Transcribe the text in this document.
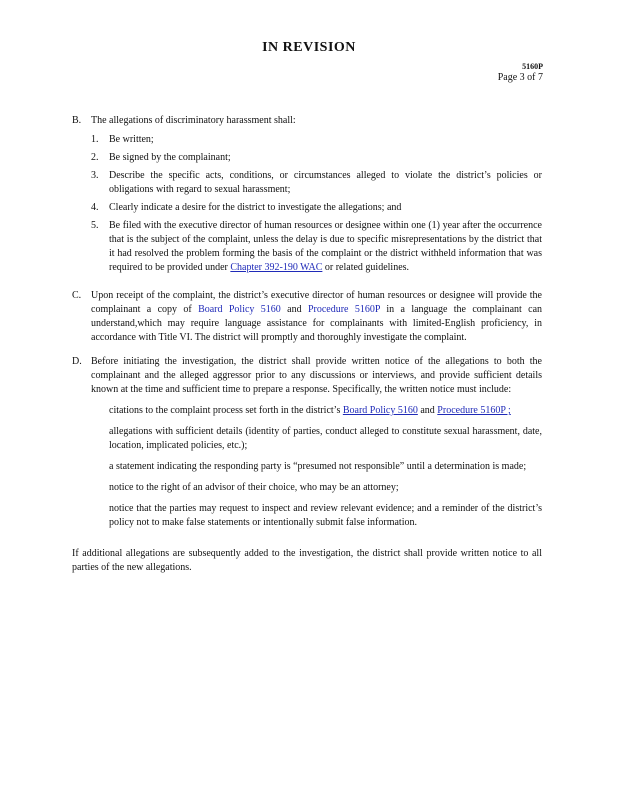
IN REVISION
5160P
Page 3 of 7
B. The allegations of discriminatory harassment shall:
1.	Be written;
2.	Be signed by the complainant;
3.	Describe the specific acts, conditions, or circumstances alleged to violate the district’s policies or obligations with regard to sexual harassment;
4.	Clearly indicate a desire for the district to investigate the allegations; and
5.	Be filed with the executive director of human resources or designee within one (1) year after the occurrence that is the subject of the complaint, unless the delay is due to specific misrepresentations by the district that it had resolved the problem forming the basis of the complaint or the district withheld information that was required to be provided under Chapter 392-190 WAC or related guidelines.
C. Upon receipt of the complaint, the district’s executive director of human resources or designee will provide the complainant a copy of Board Policy 5160 and Procedure 5160P in a language the complainant can understand,which may require language assistance for complainants with limited-English proficiency, in accordance with Title VI. The district will promptly and thoroughly investigate the complaint.
D. Before initiating the investigation, the district shall provide written notice of the allegations to both the complainant and the alleged aggressor prior to any discussions or interviews, and provide sufficient details known at the time and sufficient time to prepare a response. Specifically, the written notice must include:
citations to the complaint process set forth in the district’s Board Policy 5160 and Procedure 5160P ;
allegations with sufficient details (identity of parties, conduct alleged to constitute sexual harassment, date, location, implicated policies, etc.);
a statement indicating the responding party is “presumed not responsible” until a determination is made;
notice to the right of an advisor of their choice, who may be an attorney;
notice that the parties may request to inspect and review relevant evidence; and a reminder of the district’s policy not to make false statements or intentionally submit false information.
If additional allegations are subsequently added to the investigation, the district shall provide written notice to all parties of the new allegations.
